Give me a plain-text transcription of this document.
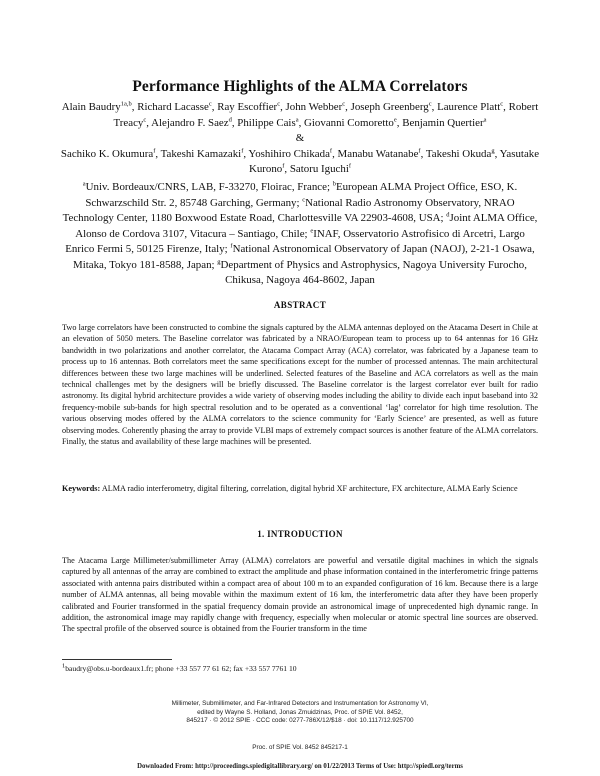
Performance Highlights of the ALMA Correlators
Alain Baudry$^{1a,b}$, Richard Lacasse$^c$, Ray Escoffier$^c$, John Webber$^c$, Joseph Greenberg$^c$, Laurence Platt$^c$, Robert Treacy$^c$, Alejandro F. Saez$^d$, Philippe Cais$^a$, Giovanni Comoretto$^e$, Benjamin Quertier$^a$
&
Sachiko K. Okumura$^f$, Takeshi Kamazaki$^f$, Yoshihiro Chikada$^f$, Manabu Watanabe$^f$, Takeshi Okuda$^g$, Yasutake Kurono$^f$, Satoru Iguchi$^f$
$^a$Univ. Bordeaux/CNRS, LAB, F-33270, Floirac, France; $^b$European ALMA Project Office, ESO, K. Schwarzschild Str. 2, 85748 Garching, Germany; $^c$National Radio Astronomy Observatory, NRAO Technology Center, 1180 Boxwood Estate Road, Charlottesville VA 22903-4608, USA; $^d$Joint ALMA Office, Alonso de Cordova 3107, Vitacura – Santiago, Chile; $^e$INAF, Osservatorio Astrofisico di Arcetri, Largo Enrico Fermi 5, 50125 Firenze, Italy; $^f$National Astronomical Observatory of Japan (NAOJ), 2-21-1 Osawa, Mitaka, Tokyo 181-8588, Japan; $^g$Department of Physics and Astrophysics, Nagoya University Furocho, Chikusa, Nagoya 464-8602, Japan
ABSTRACT
Two large correlators have been constructed to combine the signals captured by the ALMA antennas deployed on the Atacama Desert in Chile at an elevation of 5050 meters. The Baseline correlator was fabricated by a NRAO/European team to process up to 64 antennas for 16 GHz bandwidth in two polarizations and another correlator, the Atacama Compact Array (ACA) correlator, was fabricated by a Japanese team to process up to 16 antennas. Both correlators meet the same specifications except for the number of processed antennas. The main architectural differences between these two large machines will be underlined. Selected features of the Baseline and ACA correlators as well as the main technical challenges met by the designers will be briefly discussed. The Baseline correlator is the largest correlator ever built for radio astronomy. Its digital hybrid architecture provides a wide variety of observing modes including the ability to divide each input baseband into 32 frequency-mobile sub-bands for high spectral resolution and to be operated as a conventional ‘lag’ correlator for high time resolution. The various observing modes offered by the ALMA correlators to the science community for ‘Early Science’ are presented, as well as future observing modes. Coherently phasing the array to provide VLBI maps of extremely compact sources is another feature of the ALMA correlators. Finally, the status and availability of these large machines will be presented.
Keywords: ALMA radio interferometry, digital filtering, correlation, digital hybrid XF architecture, FX architecture, ALMA Early Science
1. INTRODUCTION
The Atacama Large Millimeter/submillimeter Array (ALMA) correlators are powerful and versatile digital machines in which the signals captured by all antennas of the array are combined to extract the amplitude and phase information contained in the interferometric fringe patterns associated with antenna pairs distributed within a compact area of about 100 m to an expanded configuration of 16 km. Because there is a large number of ALMA antennas, all being movable within the maximum extent of 16 km, the interferometric data after they have been properly calibrated and Fourier transformed in the spatial frequency domain provide an astronomical image of unprecedented high dynamic range. In addition, the astronomical image may rapidly change with frequency, especially when molecular or atomic spectral line sources are observed. The spectral profile of the observed source is obtained from the Fourier transform in the time
$^1$baudry@obs.u-bordeaux1.fr; phone +33 557 77 61 62; fax +33 557 7761 10
Millimeter, Submillimeter, and Far-Infrared Detectors and Instrumentation for Astronomy VI,
edited by Wayne S. Holland, Jonas Zmuidzinas, Proc. of SPIE Vol. 8452,
845217 · © 2012 SPIE · CCC code: 0277-786X/12/$18 · doi: 10.1117/12.925700
Proc. of SPIE Vol. 8452 845217-1
Downloaded From: http://proceedings.spiedigitallibrary.org/ on 01/22/2013 Terms of Use: http://spiedl.org/terms
